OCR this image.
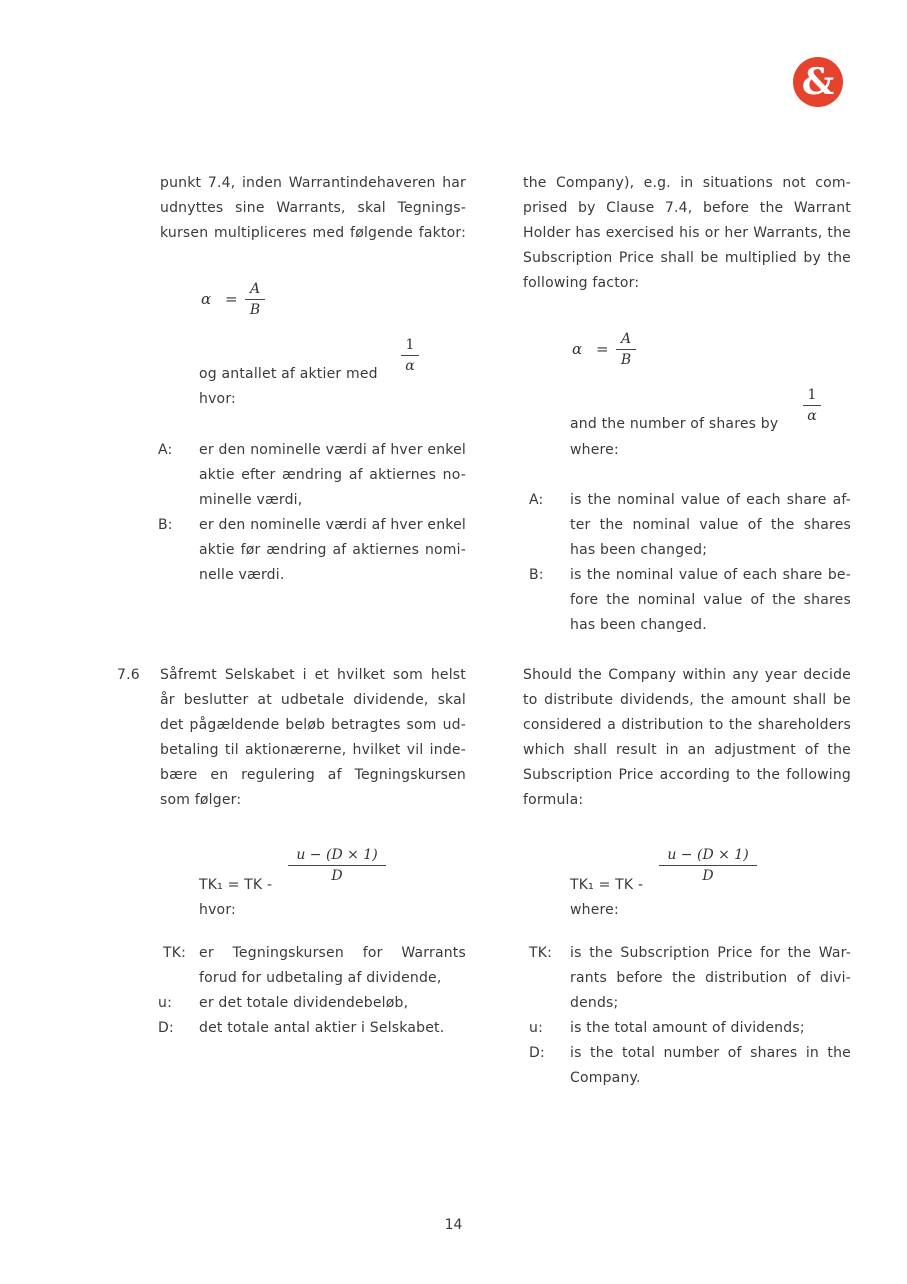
&
punkt 7.4, inden Warrantindehaveren har
udnyttes sine Warrants, skal Tegnings-
kursen multipliceres med følgende faktor:
$\alpha = \frac{A}{B}$
og antallet af aktier med $\frac{1}{\alpha}$
hvor:
A: er den nominelle værdi af hver enkel
aktie efter ændring af aktiernes no-
minelle værdi,
B: er den nominelle værdi af hver enkel
aktie før ændring af aktiernes nomi-
nelle værdi.
7.6 Såfremt Selskabet i et hvilket som helst
år beslutter at udbetale dividende, skal
det pågældende beløb betragtes som ud-
betaling til aktionærerne, hvilket vil inde-
bære en regulering af Tegningskursen
som følger:
$\frac{u - (D \times 1)}{D}$
TK₁ = TK -
hvor:
TK: er Tegningskursen for Warrants
forud for udbetaling af dividende,
u: er det totale dividendebeløb,
D: det totale antal aktier i Selskabet.
the Company), e.g. in situations not com-
prised by Clause 7.4, before the Warrant
Holder has exercised his or her Warrants, the
Subscription Price shall be multiplied by the
following factor:
$\alpha = \frac{A}{B}$
and the number of shares by $\frac{1}{\alpha}$
where:
A: is the nominal value of each share af-
ter the nominal value of the shares
has been changed;
B: is the nominal value of each share be-
fore the nominal value of the shares
has been changed.
Should the Company within any year decide
to distribute dividends, the amount shall be
considered a distribution to the shareholders
which shall result in an adjustment of the
Subscription Price according to the following
formula:
$\frac{u - (D \times 1)}{D}$
TK₁ = TK -
where:
TK: is the Subscription Price for the War-
rants before the distribution of divi-
dends;
u: is the total amount of dividends;
D: is the total number of shares in the
Company.
14
